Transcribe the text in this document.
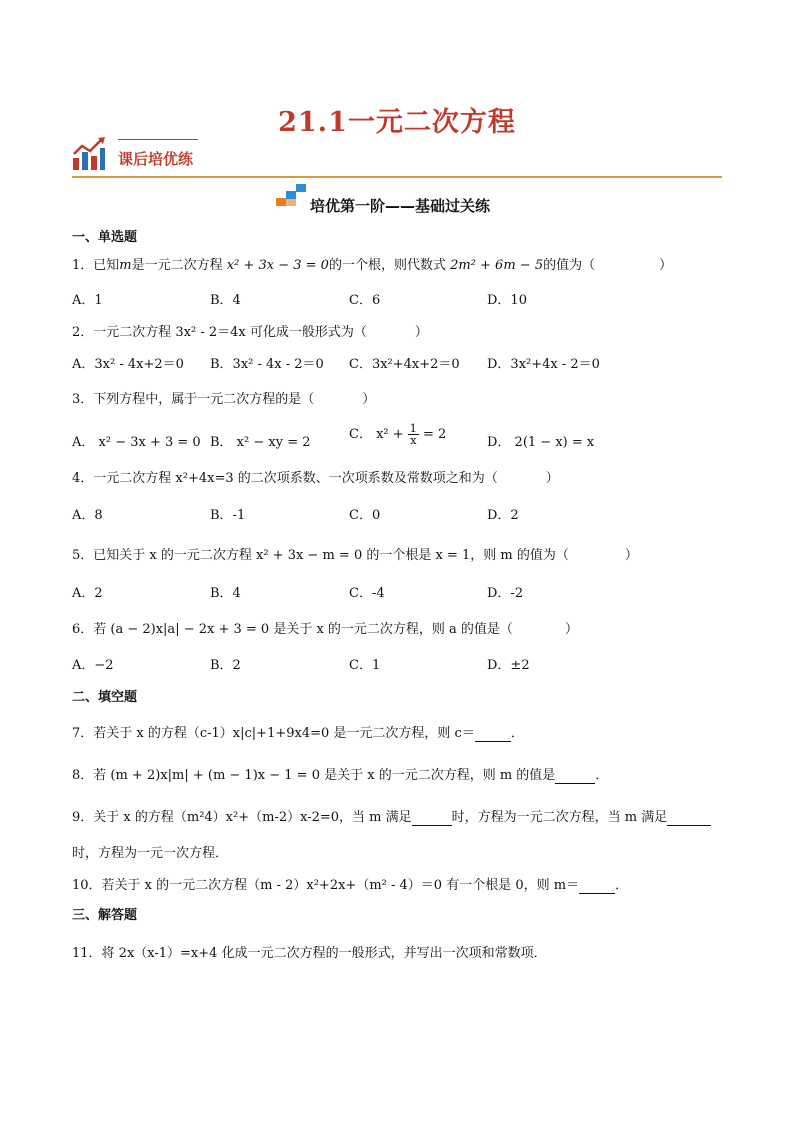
21.1一元二次方程
课后培优练
培优第一阶——基础过关练
一、单选题
1．已知m是一元二次方程 x² + 3x − 3 = 0的一个根，则代数式 2m² + 6m − 5的值为（	）
A．1	B．4	C．6	D．10
2．一元二次方程 3x² - 2＝4x 可化成一般形式为（	）
A．3x² - 4x+2＝0 B．3x² - 4x - 2＝0 C．3x²+4x+2＝0 D．3x²+4x - 2＝0
3．下列方程中，属于一元二次方程的是（	）
A． x² − 3x + 3 = 0 B． x² − xy = 2
C． $x^2 + \frac{1}{x} = 2$
D． 2(1 − x) = x
4．一元二次方程 x²+4x=3 的二次项系数、一次项系数及常数项之和为（	）
A．8	B．-1	C．0	D．2
5．已知关于 x 的一元二次方程 x² + 3x − m = 0 的一个根是 x = 1，则 m 的值为（	）
A．2	B．4	C．-4	D．-2
6．若 (a − 2)x|a| − 2x + 3 = 0 是关于 x 的一元二次方程，则 a 的值是（	）
A．−2	B．2	C．1	D．±2
二、填空题
7．若关于 x 的方程（c-1）x|c|+1+9x4=0 是一元二次方程，则 c＝	．
8．若 (m + 2)x|m| + (m − 1)x − 1 = 0 是关于 x 的一元二次方程，则 m 的值是	．
9．关于 x 的方程（m²4）x²+（m-2）x-2=0，当 m 满足	时，方程为一元二次方程，当 m 满足
时，方程为一元一次方程．
10．若关于 x 的一元二次方程（m - 2）x²+2x+（m² - 4）＝0 有一个根是 0，则 m＝	．
三、解答题
11．将 2x（x-1）=x+4 化成一元二次方程的一般形式，并写出一次项和常数项．
